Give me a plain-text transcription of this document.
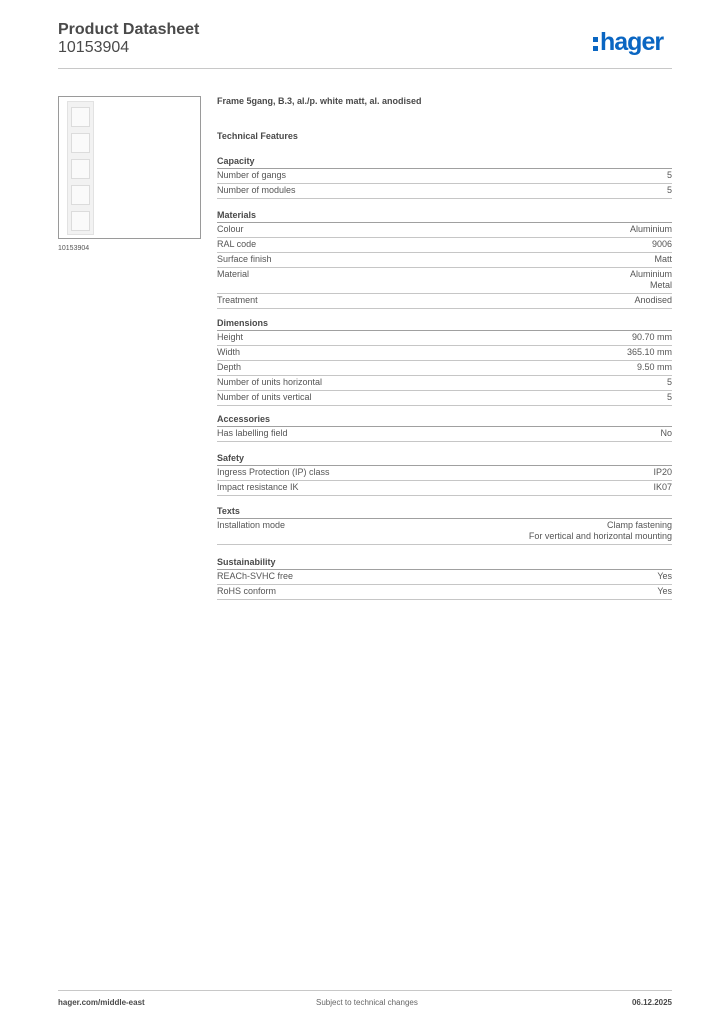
Product Datasheet
10153904	hager
10153904
Frame 5gang, B.3, al./p. white matt, al. anodised
Technical Features
Capacity
Number of gangs	5
Number of modules	5
Materials
Colour	Aluminium
RAL code	9006
Surface finish	Matt
Material	Aluminium
Metal
Treatment	Anodised
Dimensions
Height	90.70 mm
Width	365.10 mm
Depth	9.50 mm
Number of units horizontal	5
Number of units vertical	5
Accessories
Has labelling field	No
Safety
Ingress Protection (IP) class	IP20
Impact resistance IK	IK07
Texts
Installation mode	Clamp fastening
For vertical and horizontal mounting
Sustainability
REACh-SVHC free	Yes
RoHS conform	Yes
hager.com/middle-east	Subject to technical changes	06.12.2025
